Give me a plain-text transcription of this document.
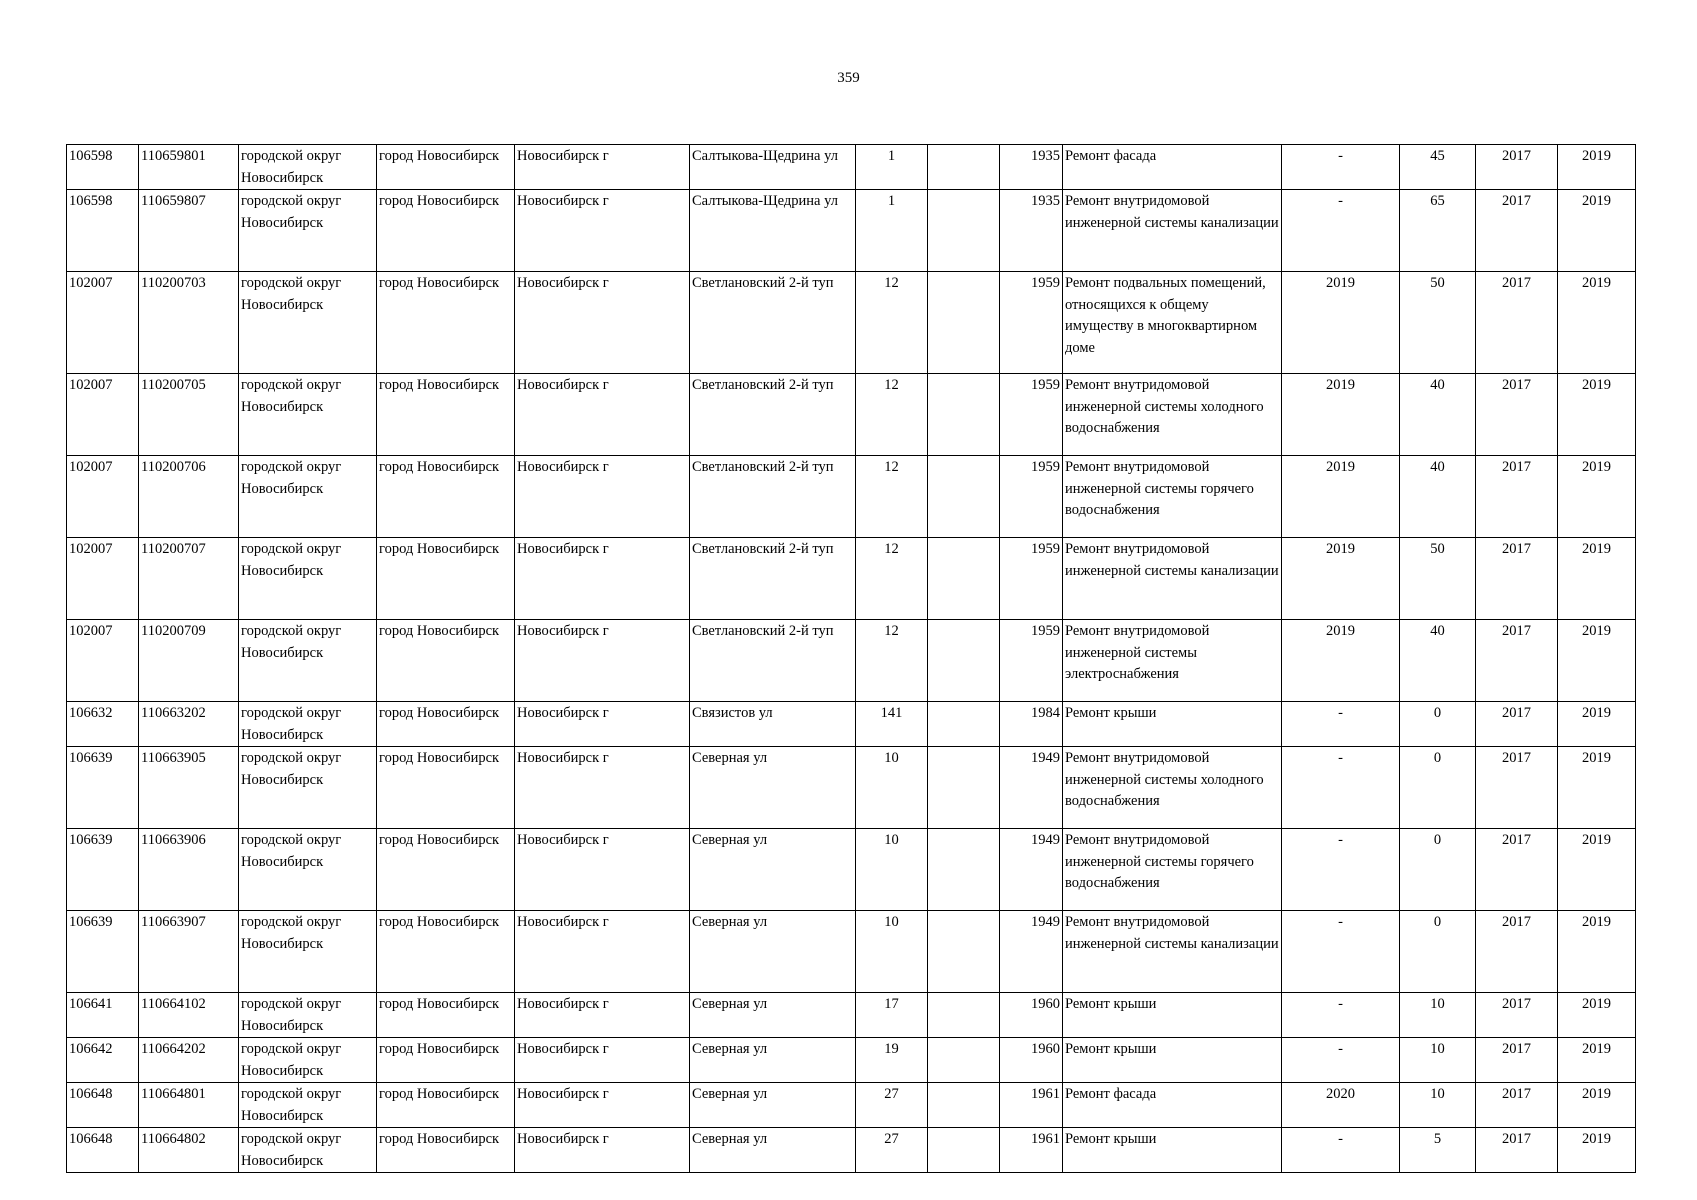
359
106598	110659801	городской округ Новосибирск	город Новосибирск	Новосибирск г	Салтыкова-Щедрина ул	1		1935	Ремонт фасада	-	45	2017	2019
106598	110659807	городской округ Новосибирск	город Новосибирск	Новосибирск г	Салтыкова-Щедрина ул	1		1935	Ремонт внутридомовой инженерной системы канализации	-	65	2017	2019
102007	110200703	городской округ Новосибирск	город Новосибирск	Новосибирск г	Светлановский 2-й туп	12		1959	Ремонт подвальных помещений, относящихся к общему имуществу в многоквартирном доме	2019	50	2017	2019
102007	110200705	городской округ Новосибирск	город Новосибирск	Новосибирск г	Светлановский 2-й туп	12		1959	Ремонт внутридомовой инженерной системы холодного водоснабжения	2019	40	2017	2019
102007	110200706	городской округ Новосибирск	город Новосибирск	Новосибирск г	Светлановский 2-й туп	12		1959	Ремонт внутридомовой инженерной системы горячего водоснабжения	2019	40	2017	2019
102007	110200707	городской округ Новосибирск	город Новосибирск	Новосибирск г	Светлановский 2-й туп	12		1959	Ремонт внутридомовой инженерной системы канализации	2019	50	2017	2019
102007	110200709	городской округ Новосибирск	город Новосибирск	Новосибирск г	Светлановский 2-й туп	12		1959	Ремонт внутридомовой инженерной системы электроснабжения	2019	40	2017	2019
106632	110663202	городской округ Новосибирск	город Новосибирск	Новосибирск г	Связистов ул	141		1984	Ремонт крыши	-	0	2017	2019
106639	110663905	городской округ Новосибирск	город Новосибирск	Новосибирск г	Северная ул	10		1949	Ремонт внутридомовой инженерной системы холодного водоснабжения	-	0	2017	2019
106639	110663906	городской округ Новосибирск	город Новосибирск	Новосибирск г	Северная ул	10		1949	Ремонт внутридомовой инженерной системы горячего водоснабжения	-	0	2017	2019
106639	110663907	городской округ Новосибирск	город Новосибирск	Новосибирск г	Северная ул	10		1949	Ремонт внутридомовой инженерной системы канализации	-	0	2017	2019
106641	110664102	городской округ Новосибирск	город Новосибирск	Новосибирск г	Северная ул	17		1960	Ремонт крыши	-	10	2017	2019
106642	110664202	городской округ Новосибирск	город Новосибирск	Новосибирск г	Северная ул	19		1960	Ремонт крыши	-	10	2017	2019
106648	110664801	городской округ Новосибирск	город Новосибирск	Новосибирск г	Северная ул	27		1961	Ремонт фасада	2020	10	2017	2019
106648	110664802	городской округ Новосибирск	город Новосибирск	Новосибирск г	Северная ул	27		1961	Ремонт крыши	-	5	2017	2019
